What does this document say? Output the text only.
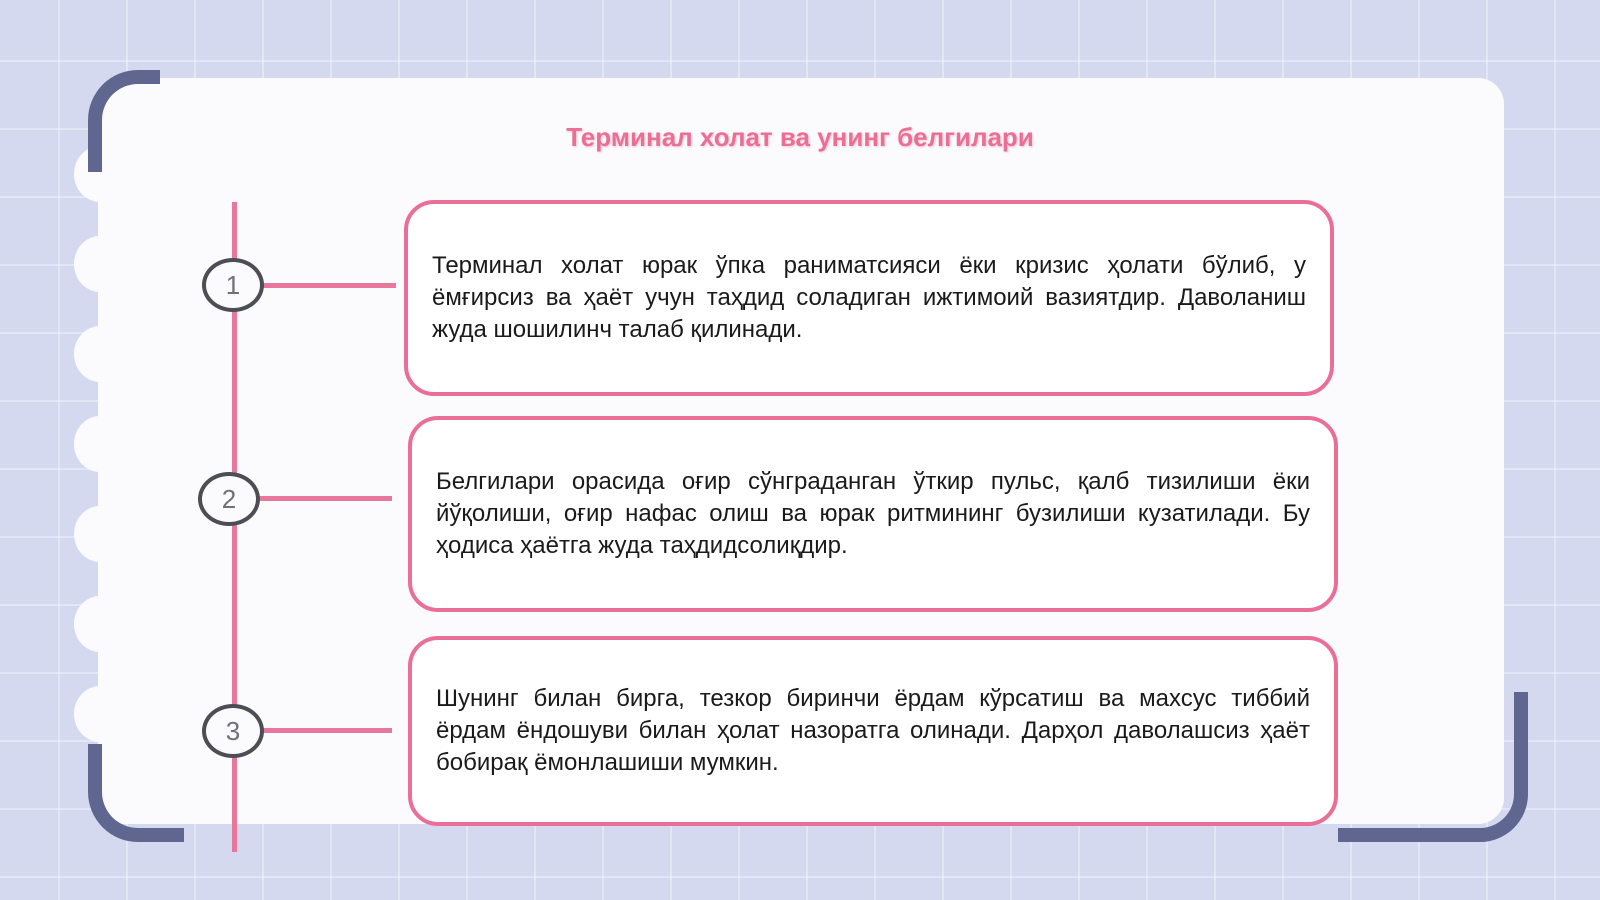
Терминал холат ва унинг белгилари
1
2
3
Терминал холат юрак ўпка раниматсияси ёки кризис ҳолати бўлиб, у ёмғирсиз ва ҳаёт учун таҳдид соладиган ижтимоий вазиятдир. Даволаниш жуда шошилинч талаб қилинади.
Белгилари орасида оғир сўнграданган ўткир пульс, қалб тизилиши ёки йўқолиши, оғир нафас олиш ва юрак ритмининг бузилиши кузатилади. Бу ҳодиса ҳаётга жуда таҳдидсолиқдир.
Шунинг билан бирга, тезкор биринчи ёрдам кўрсатиш ва махсус тиббий ёрдам ёндошуви билан ҳолат назоратга олинади. Дарҳол даволашсиз ҳаёт бобирақ ёмонлашиши мумкин.
